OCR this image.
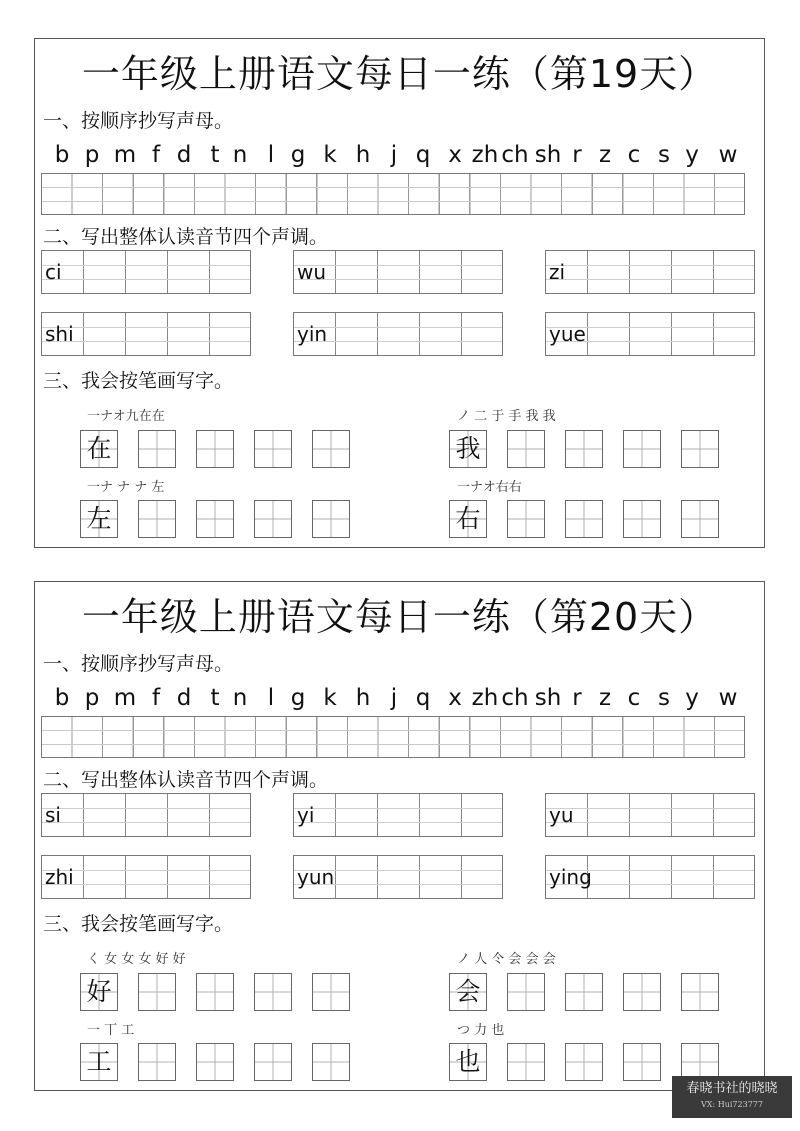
一年级上册语文每日一练（第19天）
一、按顺序抄写声母。
b p m f d t n l g k h j q x zh ch sh r z c s y w
二、写出整体认读音节四个声调。
ci	wu	zi
shi	yin	yue
三、我会按笔画写字。
一ナオ九在在
在
ノ 二 于 手 我 我
我
一ナ ナ ナ 左
左
一ナオ右右
右
一年级上册语文每日一练（第20天）
一、按顺序抄写声母。
b p m f d t n l g k h j q x zh ch sh r z c s y w
二、写出整体认读音节四个声调。
si	yi	yu
zhi	yun	ying
三、我会按笔画写字。
く 女 女 女 好 好
好
ノ 人 仒 会 会 会
会
一 丅 工
工
つ 力 也
也
春晓书社的晓晓
VX: Hui723777
